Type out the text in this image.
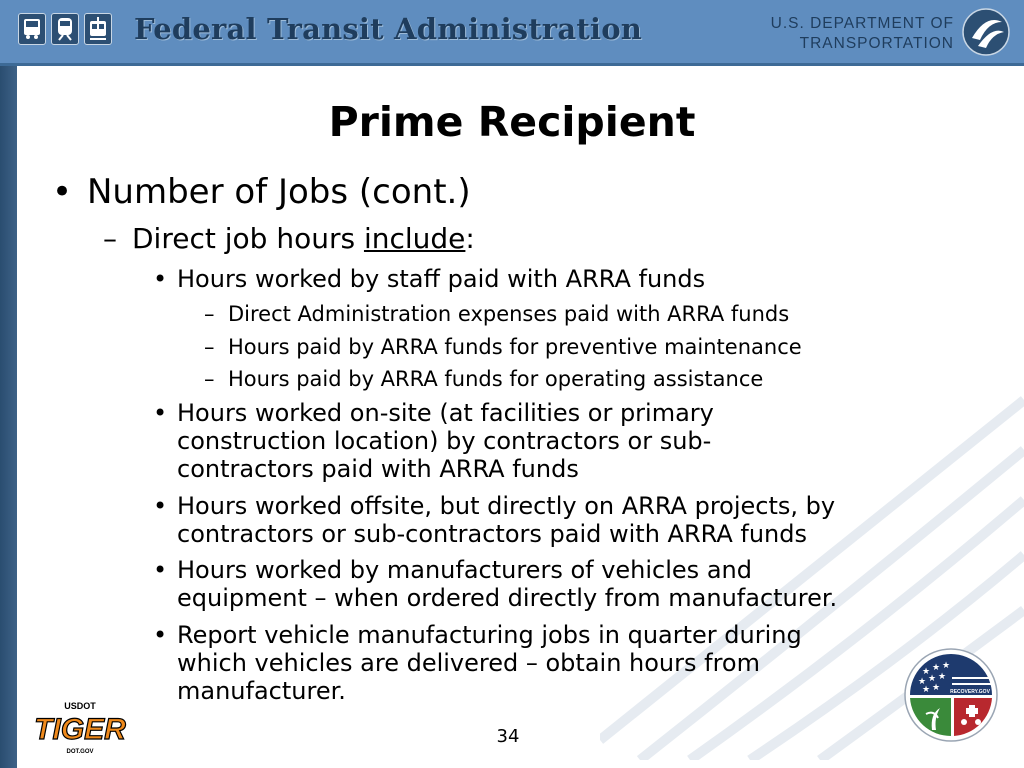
Federal Transit Administration	U.S. DEPARTMENT OF
TRANSPORTATION
Prime Recipient
• Number of Jobs (cont.)
– Direct job hours include:
• Hours worked by staff paid with ARRA funds
– Direct Administration expenses paid with ARRA funds
– Hours paid by ARRA funds for preventive maintenance
– Hours paid by ARRA funds for operating assistance
• Hours worked on-site (at facilities or primary
construction location) by contractors or sub-
contractors paid with ARRA funds
• Hours worked offsite, but directly on ARRA projects, by
contractors or sub-contractors paid with ARRA funds
• Hours worked by manufacturers of vehicles and
equipment – when ordered directly from manufacturer.
• Report vehicle manufacturing jobs in quarter during
which vehicles are delivered – obtain hours from
manufacturer.
34
USDOT
TIGER
DOT.GOV
★ ★ ★
★ ★ ★
★ ★ RECOVERY.GOV
